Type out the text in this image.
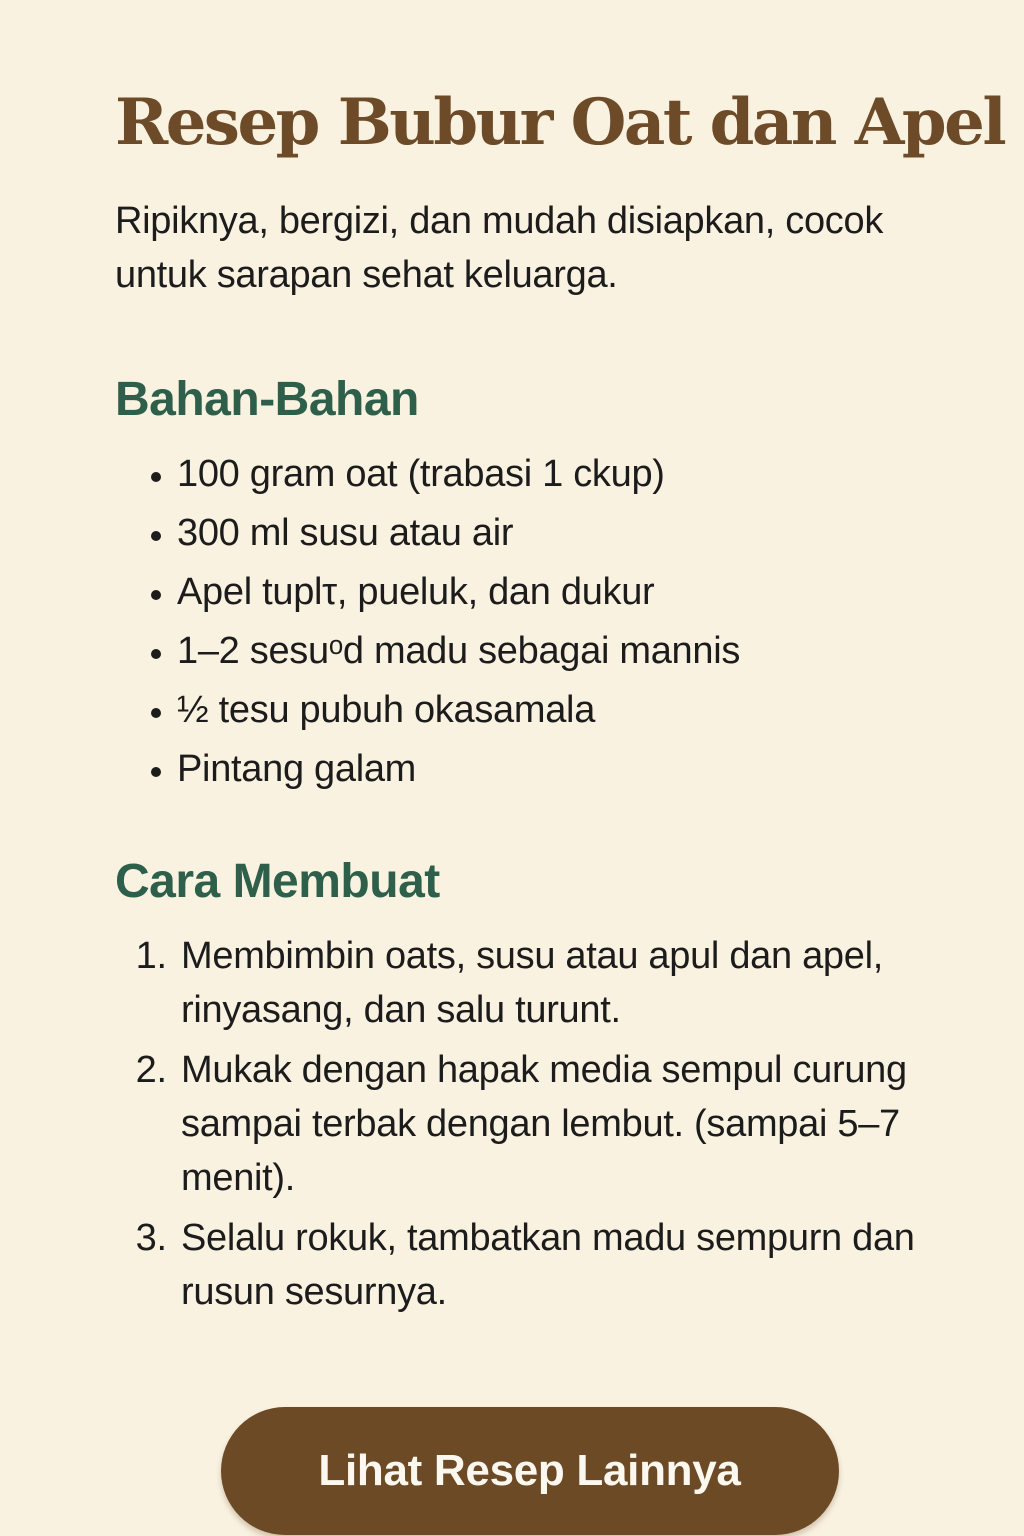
Resep Bubur Oat dan Apel

Ripiknya, bergizi, dan mudah disiapkan, cocok untuk sarapan sehat keluarga.

Bahan-Bahan
• 100 gram oat (trabasi 1 ckup)
• 300 ml susu atau air
• Apel tuplτ, pueluk, dan dukur
• 1–2 sesuᵒd madu sebagai mannis
• ½ tesu pubuh okasamala
• Pintang galam
Cara Membuat
1. Membimbin oats, susu atau apul dan apel, rinyasang, dan salu turunt.
2. Mukak dengan hapak media sempul curung sampai terbak dengan lembut. (sampai 5–7 menit).
3. Selalu rokuk, tambatkan madu sempurn dan rusun sesurnya.
Lihat Resep Lainnya
